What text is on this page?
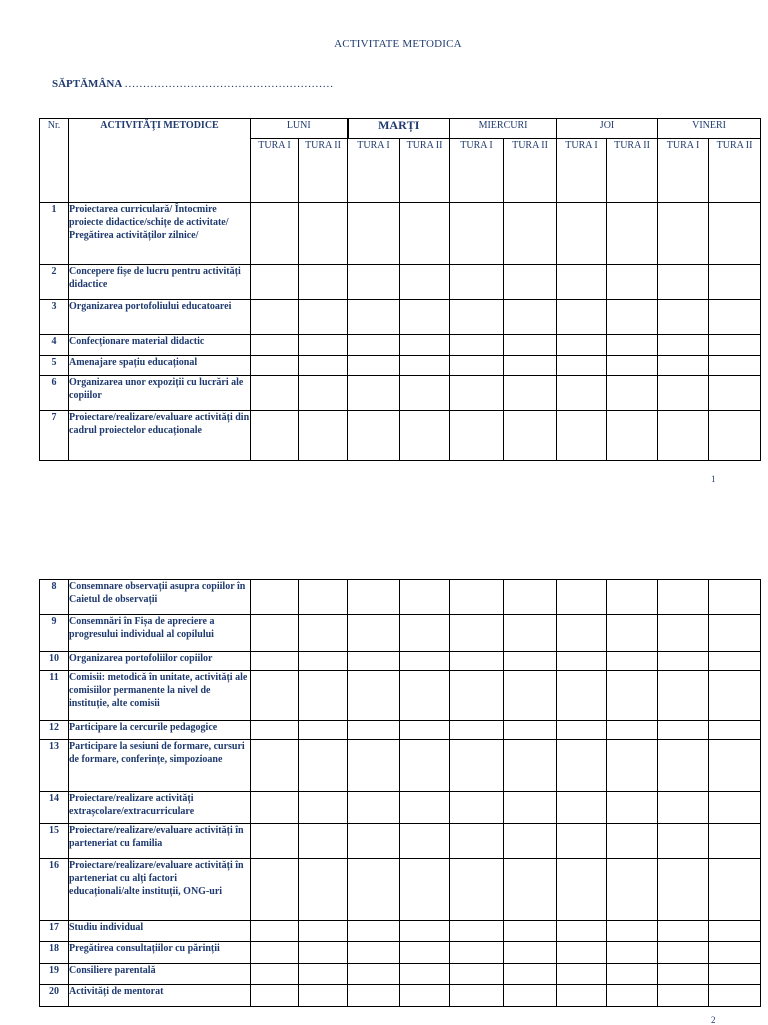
ACTIVITATE METODICA
SĂPTĂMÂNA …………………………………………………
Nr.	ACTIVITĂŢI METODICE	LUNI		MARȚI		MIERCURI		JOI		VINERI	
		TURA I	TURA II	TURA I	TURA II	TURA I	TURA II	TURA I	TURA II	TURA I	TURA II
1	Proiectarea curriculară/ Întocmire proiecte didactice/schițe de activitate/ Pregătirea activităților zilnice/										
2	Concepere fișe de lucru pentru activități didactice										
3	Organizarea portofoliului educatoarei										
4	Confecționare material didactic										
5	Amenajare spațiu educațional										
6	Organizarea unor expoziții cu lucrări ale copiilor										
7	Proiectare/realizare/evaluare activități din cadrul proiectelor educaționale										
1
8	Consemnare observații asupra copiilor în Caietul de observații										
9	Consemnări în Fișa de apreciere a progresului individual al copilului										
10	Organizarea portofoliilor copiilor										
11	Comisii: metodică în unitate, activități ale comisiilor permanente la nivel de instituție, alte comisii										
12	Participare la cercurile pedagogice										
13	Participare la sesiuni de formare, cursuri de formare, conferințe, simpozioane										
14	Proiectare/realizare activități extrașcolare/extracurriculare										
15	Proiectare/realizare/evaluare activități în parteneriat cu familia										
16	Proiectare/realizare/evaluare activități în parteneriat cu alți factori educaționali/alte instituții, ONG-uri										
17	Studiu individual										
18	Pregătirea consultațiilor cu părinții										
19	Consiliere parentală										
20	Activități de mentorat										
2
